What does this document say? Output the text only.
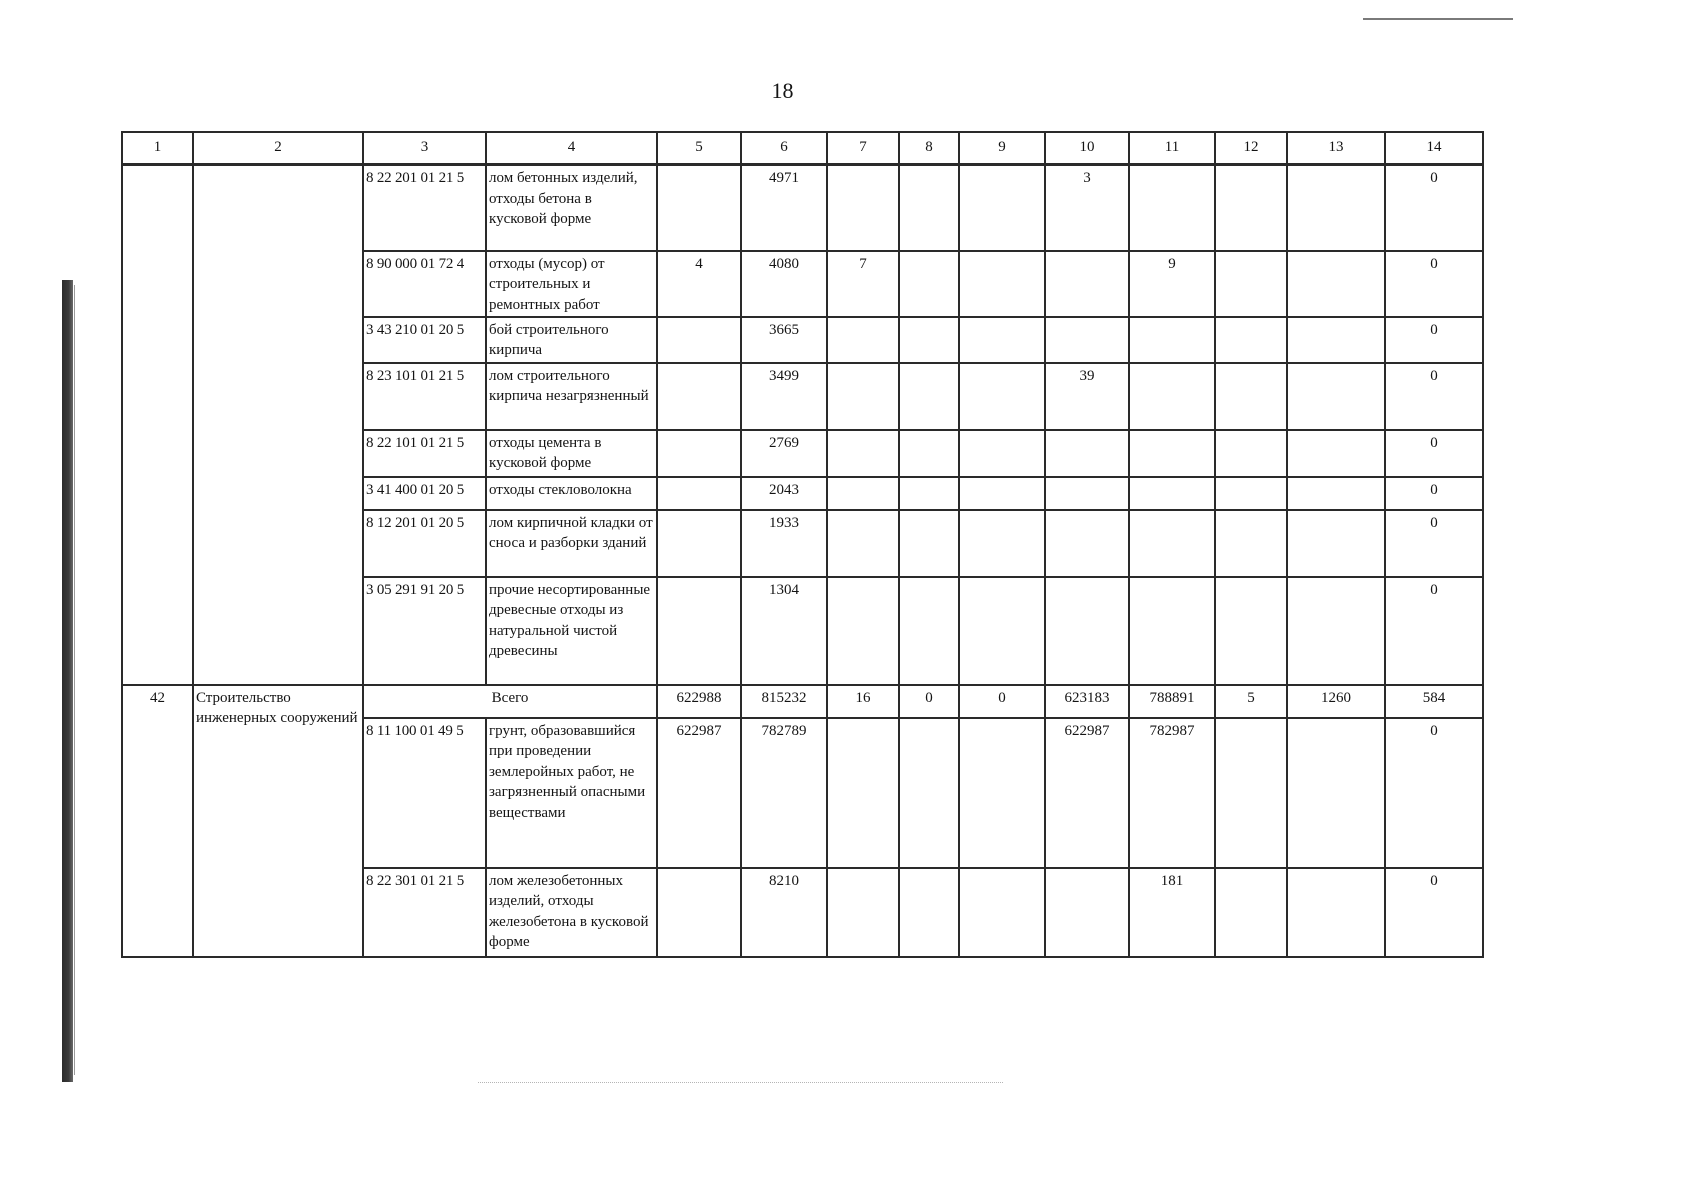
18
1	2	3	4	5	6	7	8	9	10	11	12	13	14
		8 22 201 01 21 5	лом бетонных изделий, отходы бетона в кусковой форме		4971				3				0
		8 90 000 01 72 4	отходы (мусор) от строительных и ремонтных работ	4	4080	7				9			0
		3 43 210 01 20 5	бой строительного кирпича		3665								0
		8 23 101 01 21 5	лом строительного кирпича незагрязненный		3499				39				0
		8 22 101 01 21 5	отходы цемента в кусковой форме		2769								0
		3 41 400 01 20 5	отходы стекловолокна		2043								0
		8 12 201 01 20 5	лом кирпичной кладки от сноса и разборки зданий		1933								0
		3 05 291 91 20 5	прочие несортированные древесные отходы из натуральной чистой древесины		1304								0
42	Строительство инженерных сооружений	Всего		622988	815232	16	0	0	623183	788891	5	1260	584
		8 11 100 01 49 5	грунт, образовавшийся при проведении землеройных работ, не загрязненный опасными веществами	622987	782789				622987	782987			0
		8 22 301 01 21 5	лом железобетонных изделий, отходы железобетона в кусковой форме		8210					181			0
